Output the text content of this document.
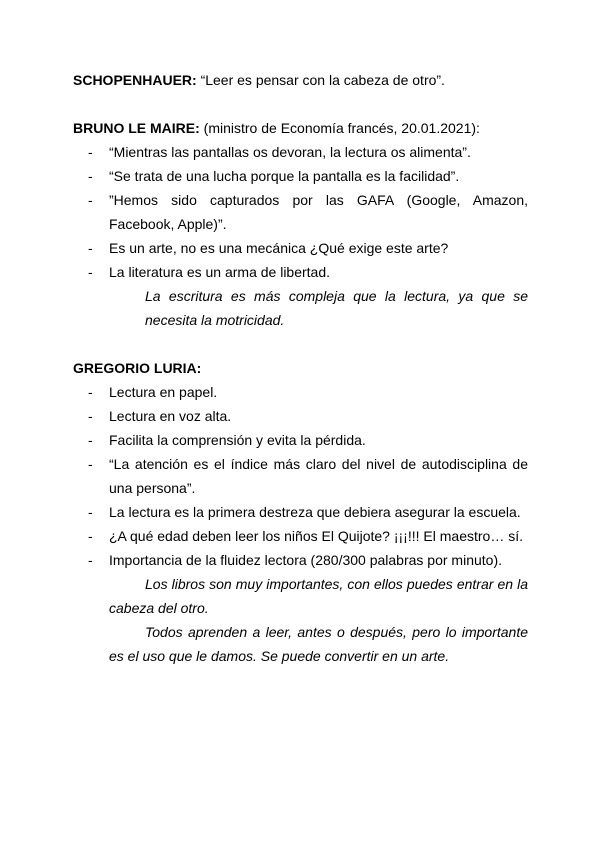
SCHOPENHAUER: “Leer es pensar con la cabeza de otro”.

BRUNO LE MAIRE: (ministro de Economía francés, 20.01.2021):

- “Mientras las pantallas os devoran, la lectura os alimenta”.
- “Se trata de una lucha porque la pantalla es la facilidad”.
- ”Hemos sido capturados por las GAFA (Google, Amazon, Facebook, Apple)”.
- Es un arte, no es una mecánica ¿Qué exige este arte?
- La literatura es un arma de libertad.

La escritura es más compleja que la lectura, ya que se necesita la motricidad.

GREGORIO LURIA:

- Lectura en papel.
- Lectura en voz alta.
- Facilita la comprensión y evita la pérdida.
- “La atención es el índice más claro del nivel de autodisciplina de una persona”.
- La lectura es la primera destreza que debiera asegurar la escuela.
- ¿A qué edad deben leer los niños El Quijote? ¡¡¡!!! El maestro… sí.
- Importancia de la fluidez lectora (280/300 palabras por minuto).

Los libros son muy importantes, con ellos puedes entrar en la cabeza del otro.

Todos aprenden a leer, antes o después, pero lo importante es el uso que le damos. Se puede convertir en un arte.
